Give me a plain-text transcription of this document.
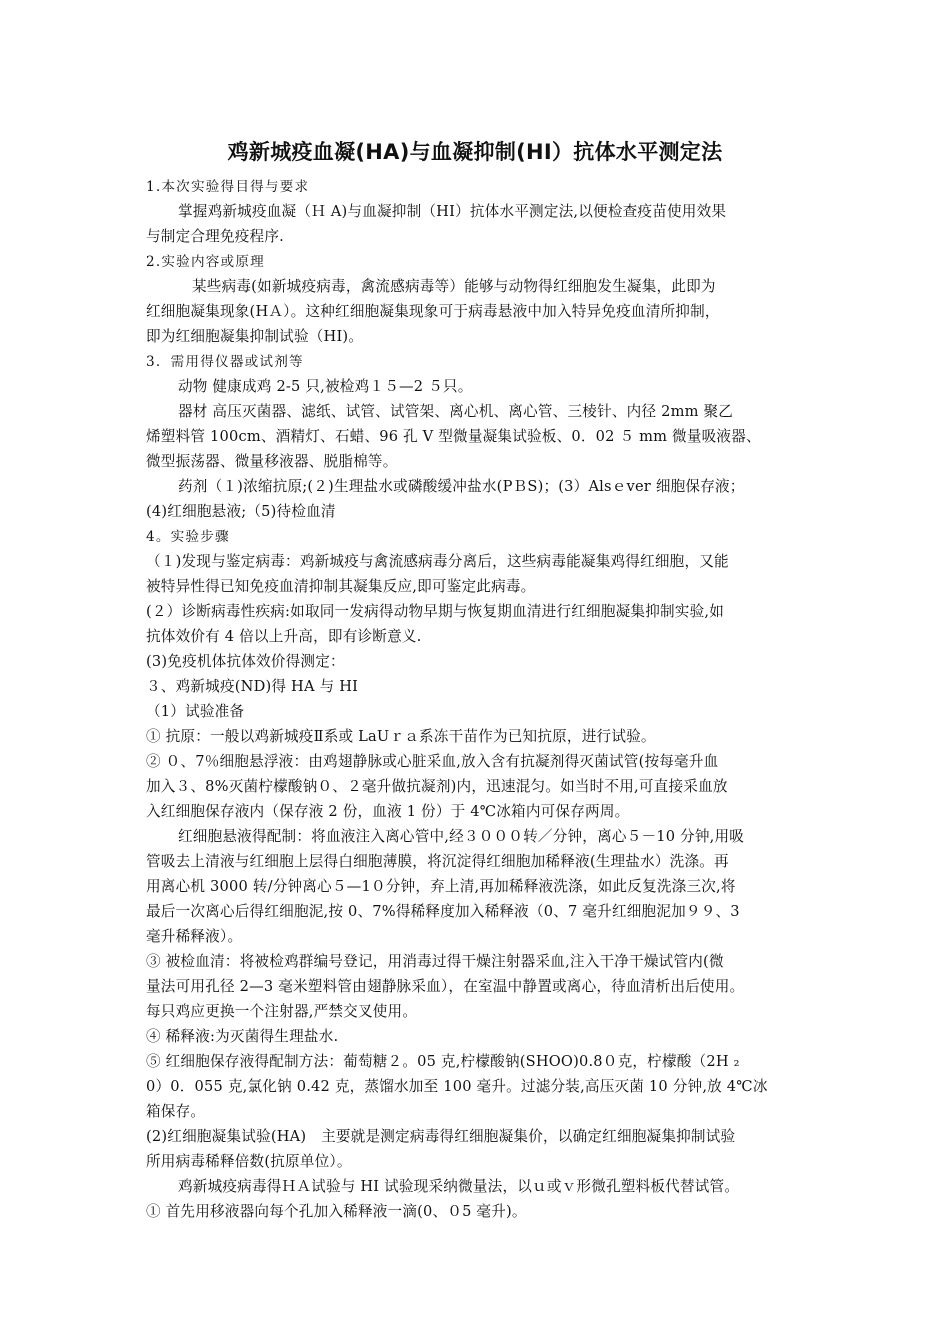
鸡新城疫血凝(HA)与血凝抑制(HI）抗体水平测定法
1.本次实验得目得与要求
掌握鸡新城疫血凝（Ｈ A)与血凝抑制（HI）抗体水平测定法,以便检查疫苗使用效果
与制定合理免疫程序.
2.实验内容或原理
某些病毒(如新城疫病毒，禽流感病毒等）能够与动物得红细胞发生凝集，此即为
红细胞凝集现象(HＡ）。这种红细胞凝集现象可于病毒悬液中加入特异免疫血清所抑制，
即为红细胞凝集抑制试验（HI)。
3．需用得仪器或试剂等
动物 健康成鸡 2-5 只,被检鸡１５—2 ５只。
器材 高压灭菌器、滤纸、试管、试管架、离心机、离心管、三棱针、内径 2mm 聚乙
烯塑料管 100cm、酒精灯、石蜡、96 孔 V 型微量凝集试验板、0．02 ５ mm 微量吸液器、
微型振荡器、微量移液器、脱脂棉等。
药剂（１)浓缩抗原;(２)生理盐水或磷酸缓冲盐水(PＢS)；(3）Alsｅver 细胞保存液；
(4)红细胞悬液;（5)待检血清
4。实验步骤
（１)发现与鉴定病毒：鸡新城疫与禽流感病毒分离后，这些病毒能凝集鸡得红细胞，又能
被特异性得已知免疫血清抑制其凝集反应,即可鉴定此病毒。
(２）诊断病毒性疾病:如取同一发病得动物早期与恢复期血清进行红细胞凝集抑制实验,如
抗体效价有 4 倍以上升高，即有诊断意义.
(3)免疫机体抗体效价得测定：
３、鸡新城疫(ND)得 HA 与 HI
（1）试验准备
① 抗原：一般以鸡新城疫Ⅱ系或 LaUｒａ系冻干苗作为已知抗原，进行试验。
② ０、7％细胞悬浮液：由鸡翅静脉或心脏采血,放入含有抗凝剂得灭菌试管(按每毫升血
加入３、8%灭菌柠檬酸钠０、２毫升做抗凝剂)内，迅速混匀。如当时不用,可直接采血放
入红细胞保存液内（保存液 2 份，血液 1 份）于 4℃冰箱内可保存两周。
红细胞悬液得配制：将血液注入离心管中,经３０００转／分钟，离心５－10 分钟,用吸
管吸去上清液与红细胞上层得白细胞薄膜，将沉淀得红细胞加稀释液(生理盐水）洗涤。再
用离心机 3000 转/分钟离心５—1０分钟，弃上清,再加稀释液洗涤，如此反复洗涤三次,将
最后一次离心后得红细胞泥,按 0、7%得稀释度加入稀释液（0、7 毫升红细胞泥加９９、3
毫升稀释液）。
③ 被检血清：将被检鸡群编号登记，用消毒过得干燥注射器采血,注入干净干燥试管内(微
量法可用孔径 2—3 毫米塑料管由翅静脉采血），在室温中静置或离心，待血清析出后使用。
每只鸡应更换一个注射器,严禁交叉使用。
④ 稀释液:为灭菌得生理盐水.
⑤ 红细胞保存液得配制方法：葡萄糖２。05 克,柠檬酸钠(SHOO)0.8０克，柠檬酸（2H ₂
0）0．055 克,氯化钠 0.42 克，蒸馏水加至 100 毫升。过滤分装,高压灭菌 10 分钟,放 4℃冰
箱保存。
(2)红细胞凝集试验(HA)　主要就是测定病毒得红细胞凝集价，以确定红细胞凝集抑制试验
所用病毒稀释倍数(抗原单位）。
鸡新城疫病毒得ＨＡ试验与 HI 试验现采纳微量法，以ｕ或ｖ形微孔塑料板代替试管。
① 首先用移液器向每个孔加入稀释液一滴(0、０5 毫升)。
